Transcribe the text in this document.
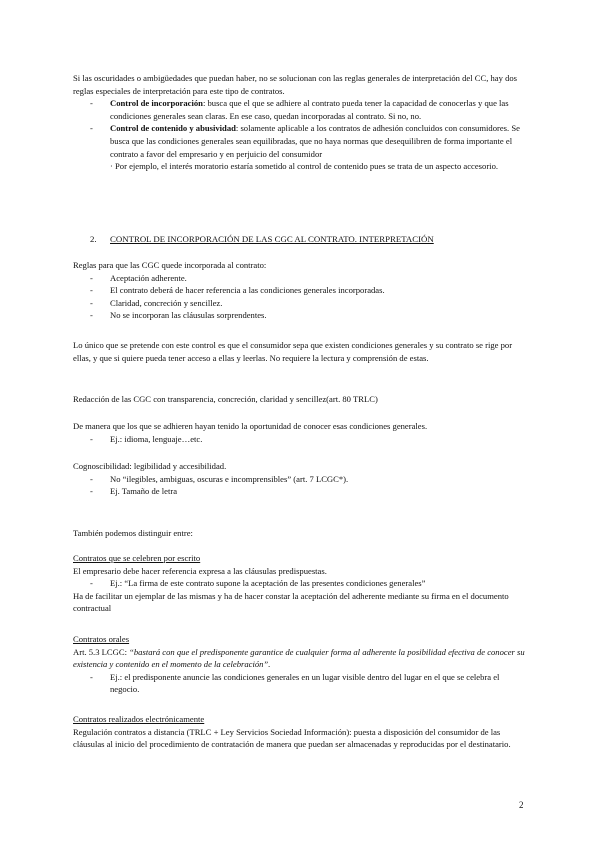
Si las oscuridades o ambigüedades que puedan haber, no se solucionan con las reglas generales de interpretación del CC, hay dos reglas especiales de interpretación para este tipo de contratos.

- Control de incorporación: busca que el que se adhiere al contrato pueda tener la capacidad de conocerlas y que las condiciones generales sean claras. En ese caso, quedan incorporadas al contrato. Si no, no.
- Control de contenido y abusividad: solamente aplicable a los contratos de adhesión concluidos con consumidores. Se busca que las condiciones generales sean equilibradas, que no haya normas que desequilibren de forma importante el contrato a favor del empresario y en perjuicio del consumidor

· Por ejemplo, el interés moratorio estaría sometido al control de contenido pues se trata de un aspecto accesorio.

2.	CONTROL DE INCORPORACIÓN DE LAS CGC AL CONTRATO. INTERPRETACIÓN

Reglas para que las CGC quede incorporada al contrato:

- Aceptación adherente.
- El contrato deberá de hacer referencia a las condiciones generales incorporadas.
- Claridad, concreción y sencillez.
- No se incorporan las cláusulas sorprendentes.

Lo único que se pretende con este control es que el consumidor sepa que existen condiciones generales y su contrato se rige por ellas, y que si quiere pueda tener acceso a ellas y leerlas. No requiere la lectura y comprensión de estas.

Redacción de las CGC con transparencia, concreción, claridad y sencillez(art. 80 TRLC)

De manera que los que se adhieren hayan tenido la oportunidad de conocer esas condiciones generales.

- Ej.: idioma, lenguaje…etc.

Cognoscibilidad: legibilidad y accesibilidad.

- No “ilegibles, ambiguas, oscuras e incomprensibles” (art. 7 LCGC*).
- Ej. Tamaño de letra

También podemos distinguir entre:

Contratos que se celebren por escrito

El empresario debe hacer referencia expresa a las cláusulas predispuestas.

- Ej.: “La firma de este contrato supone la aceptación de las presentes condiciones generales”

Ha de facilitar un ejemplar de las mismas y ha de hacer constar la aceptación del adherente mediante su firma en el documento contractual

Contratos orales

Art. 5.3 LCGC: “bastará con que el predisponente garantice de cualquier forma al adherente la posibilidad efectiva de conocer su existencia y contenido en el momento de la celebración”.

- Ej.: el predisponente anuncie las condiciones generales en un lugar visible dentro del lugar en el que se celebra el negocio.

Contratos realizados electrónicamente

Regulación contratos a distancia (TRLC + Ley Servicios Sociedad Información): puesta a disposición del consumidor de las cláusulas al inicio del procedimiento de contratación de manera que puedan ser almacenadas y reproducidas por el destinatario.

2
